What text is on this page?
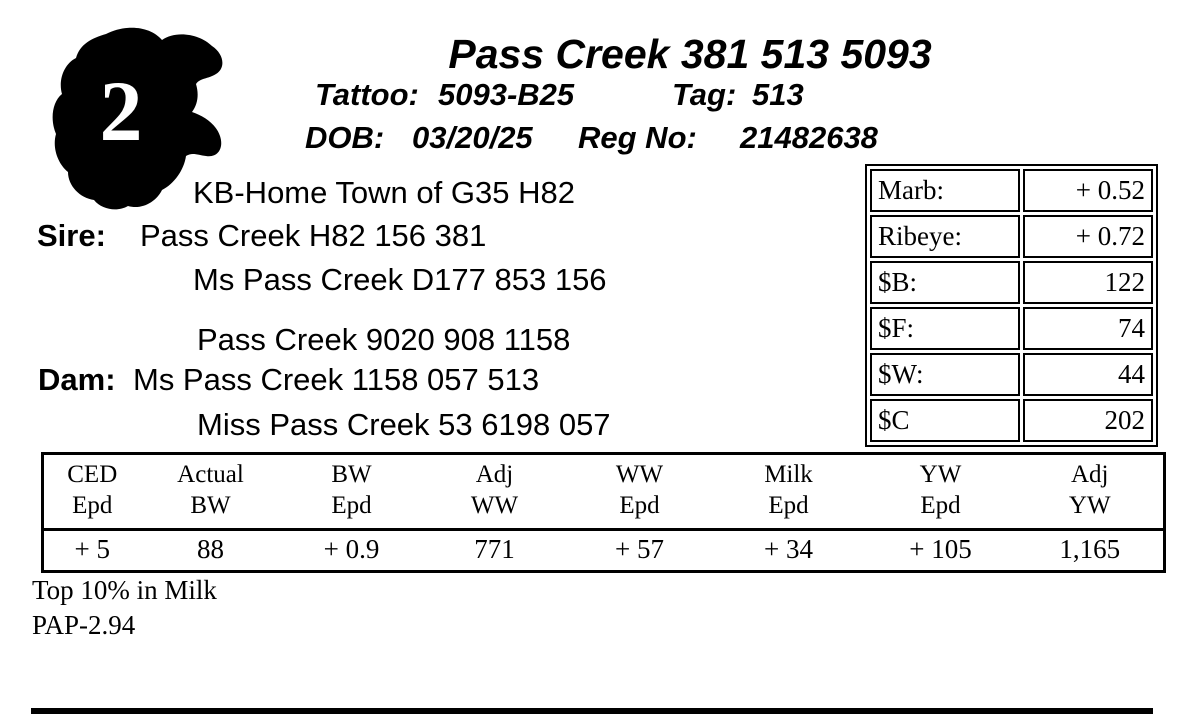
2
Pass Creek 381 513 5093
Tattoo: 5093-B25	Tag: 513
DOB: 03/20/25 Reg No: 21482638
KB-Home Town of G35 H82
Sire: Pass Creek H82 156 381
Ms Pass Creek D177 853 156
Pass Creek 9020 908 1158
Dam: Ms Pass Creek 1158 057 513
Miss Pass Creek 53 6198 057
Marb:	+ 0.52
Ribeye:	+ 0.72
$B:	122
$F:	74
$W:	44
$C	202
CED
Epd

Actual
BW

BW
Epd

Adj
WW

WW
Epd

Milk
Epd

YW
Epd

Adj
YW

+ 5	88	+ 0.9	771	+ 57	+ 34	+ 105	1,165
Top 10% in Milk
PAP-2.94
